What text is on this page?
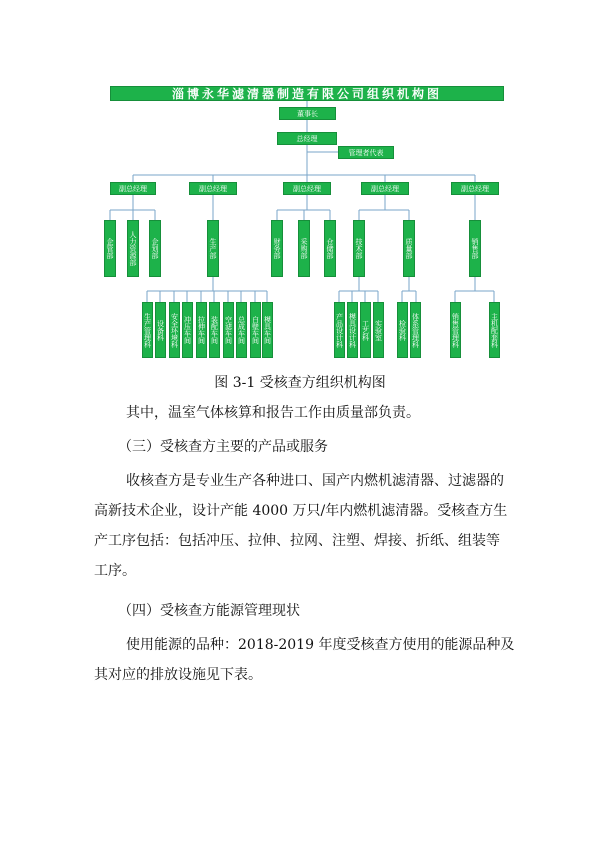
淄博永华滤清器制造有限公司组织机构图
董事长
总经理
管理者代表
副总经理	副总经理	副总经理	副总经理	副总经理
企管部 人力资源部 企划部	生产部	财务部	采购部	仓储部	技术部	质量部	销售部
生产管理科 设备科 安全环境科 冲压车间 拉伸车间 装配车间 空滤车间 总成车间 白壁车间 模具车间	产品设计科 模具设计科 工艺科 实验室 检验科 体系管理科	销售管理科	主机配套科
图 3-1 受核查方组织机构图
其中，温室气体核算和报告工作由质量部负责。
（三）受核查方主要的产品或服务
收核查方是专业生产各种进口、国产内燃机滤清器、过滤器的
高新技术企业，设计产能 4000 万只/年内燃机滤清器。受核查方生
产工序包括：包括冲压、拉伸、拉网、注塑、焊接、折纸、组装等
工序。
（四）受核查方能源管理现状
使用能源的品种：2018-2019 年度受核查方使用的能源品种及
其对应的排放设施见下表。
